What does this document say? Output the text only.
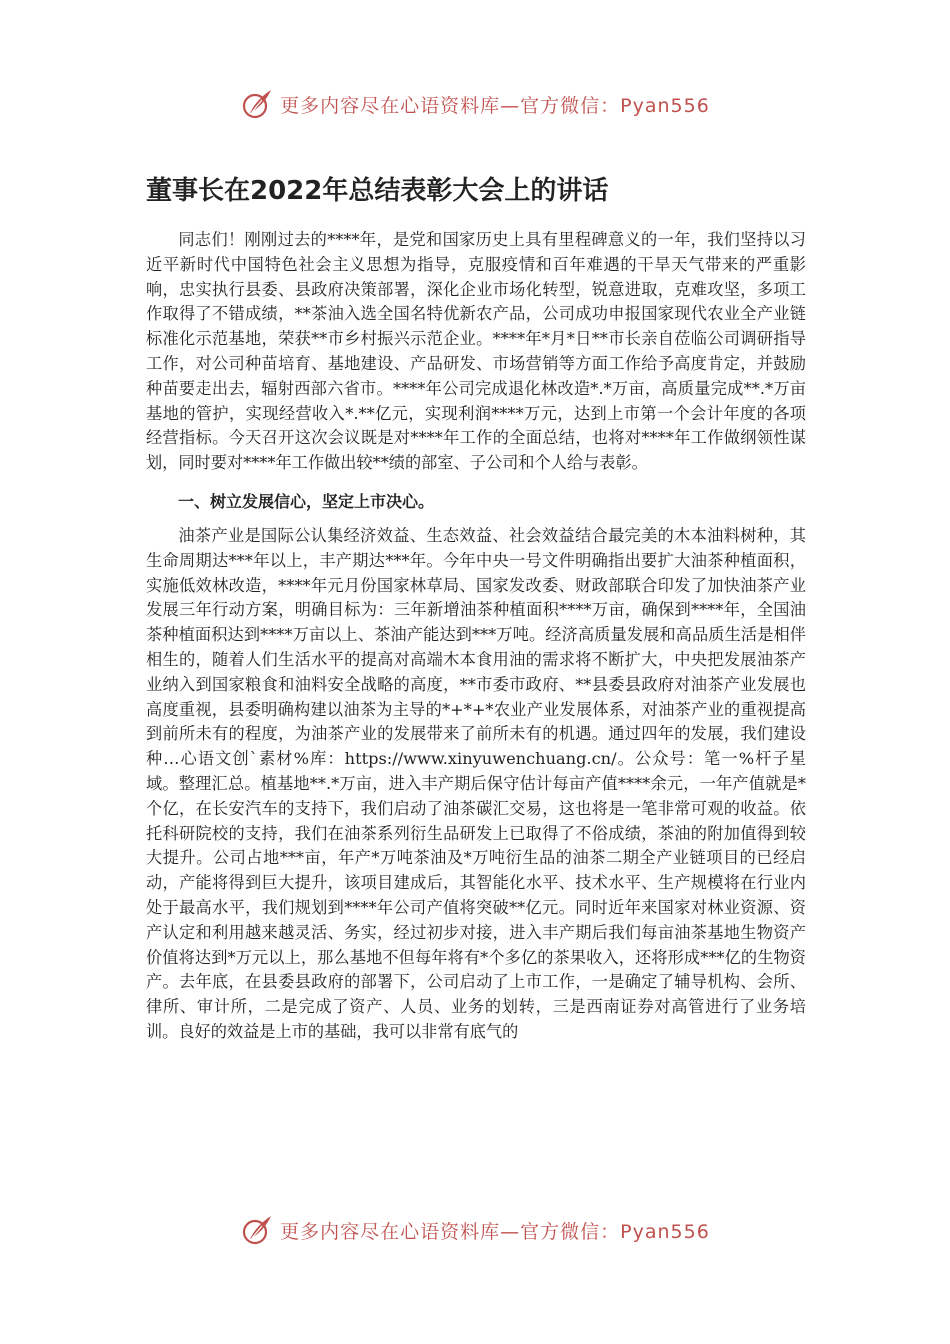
更多内容尽在心语资料库—官方微信：Pyan556
董事长在2022年总结表彰大会上的讲话

同志们！刚刚过去的****年，是党和国家历史上具有里程碑意义的一年，我们坚持以习近平新时代中国特色社会主义思想为指导，克服疫情和百年难遇的干旱天气带来的严重影响，忠实执行县委、县政府决策部署，深化企业市场化转型，锐意进取，克难攻坚，多项工作取得了不错成绩，**茶油入选全国名特优新农产品，公司成功申报国家现代农业全产业链标准化示范基地，荣获**市乡村振兴示范企业。****年*月*日**市长亲自莅临公司调研指导工作，对公司种苗培育、基地建设、产品研发、市场营销等方面工作给予高度肯定，并鼓励种苗要走出去，辐射西部六省市。****年公司完成退化林改造*.*万亩，高质量完成**.*万亩基地的管护，实现经营收入*.**亿元，实现利润****万元，达到上市第一个会计年度的各项经营指标。今天召开这次会议既是对****年工作的全面总结，也将对****年工作做纲领性谋划，同时要对****年工作做出较**绩的部室、子公司和个人给与表彰。

一、树立发展信心，坚定上市决心。

油茶产业是国际公认集经济效益、生态效益、社会效益结合最完美的木本油料树种，其生命周期达***年以上，丰产期达***年。今年中央一号文件明确指出要扩大油茶种植面积，实施低效林改造，****年元月份国家林草局、国家发改委、财政部联合印发了加快油茶产业发展三年行动方案，明确目标为：三年新增油茶种植面积****万亩，确保到****年，全国油茶种植面积达到****万亩以上、茶油产能达到***万吨。经济高质量发展和高品质生活是相伴相生的，随着人们生活水平的提高对高端木本食用油的需求将不断扩大，中央把发展油茶产业纳入到国家粮食和油料安全战略的高度，**市委市政府、**县委县政府对油茶产业发展也高度重视，县委明确构建以油茶为主导的*+*+*农业产业发展体系，对油茶产业的重视提高到前所未有的程度，为油茶产业的发展带来了前所未有的机遇。通过四年的发展，我们建设种…心语文创`素材%库：https://www.xinyuwenchuang.cn/。公众号：笔一%杆子星域。整理汇总。植基地**.*万亩，进入丰产期后保守估计每亩产值****余元，一年产值就是*个亿，在长安汽车的支持下，我们启动了油茶碳汇交易，这也将是一笔非常可观的收益。依托科研院校的支持，我们在油茶系列衍生品研发上已取得了不俗成绩，茶油的附加值得到较大提升。公司占地***亩，年产*万吨茶油及*万吨衍生品的油茶二期全产业链项目的已经启动，产能将得到巨大提升，该项目建成后，其智能化水平、技术水平、生产规模将在行业内处于最高水平，我们规划到****年公司产值将突破**亿元。同时近年来国家对林业资源、资产认定和利用越来越灵活、务实，经过初步对接，进入丰产期后我们每亩油茶基地生物资产价值将达到*万元以上，那么基地不但每年将有*个多亿的茶果收入，还将形成***亿的生物资产。去年底，在县委县政府的部署下，公司启动了上市工作，一是确定了辅导机构、会所、律所、审计所，二是完成了资产、人员、业务的划转，三是西南证券对高管进行了业务培训。良好的效益是上市的基础，我可以非常有底气的

更多内容尽在心语资料库—官方微信：Pyan556
